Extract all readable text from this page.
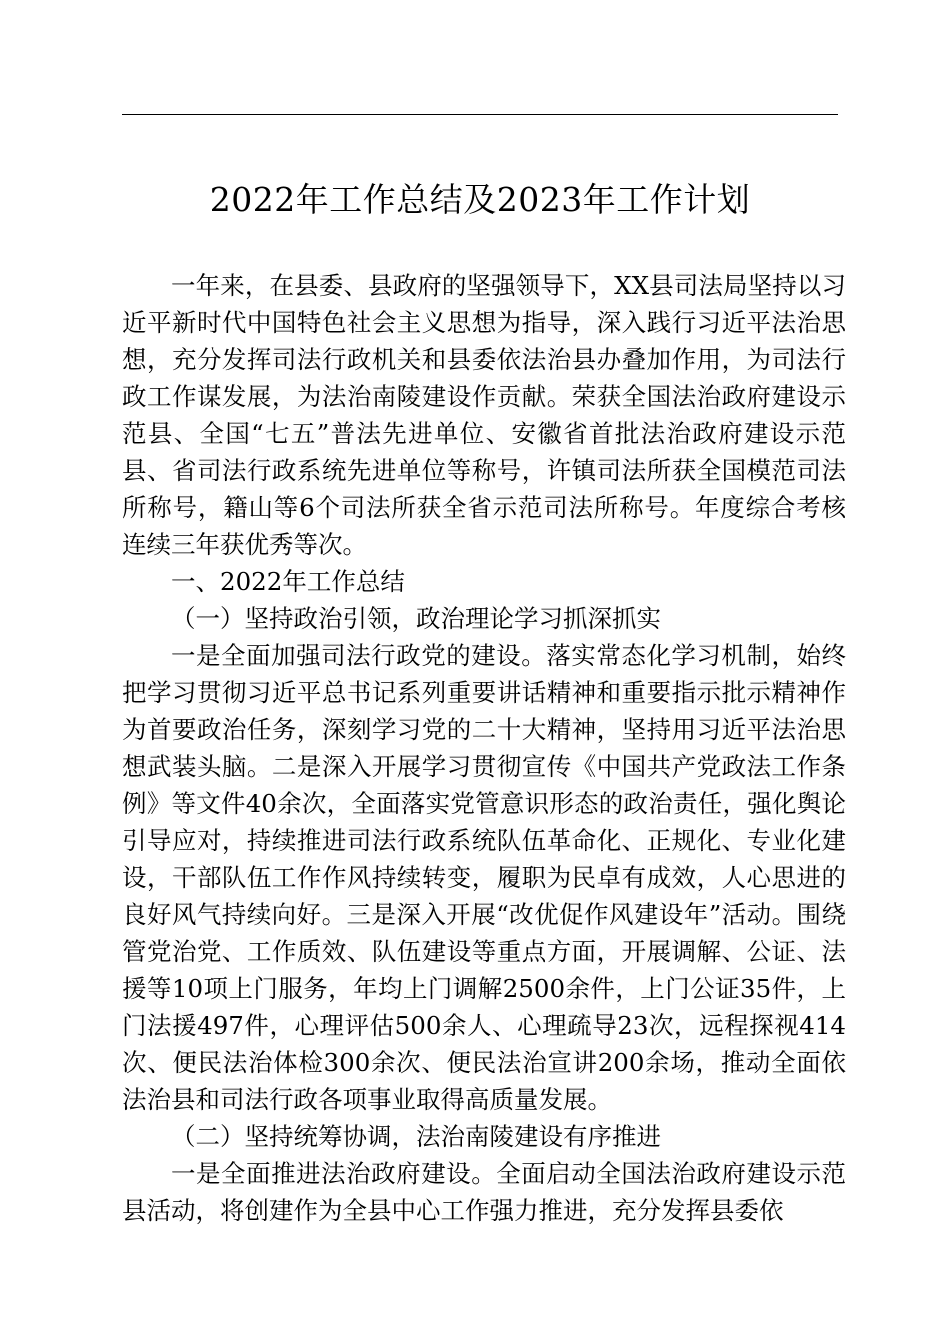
2022年工作总结及2023年工作计划

一年来，在县委、县政府的坚强领导下，XX县司法局坚持以习近平新时代中国特色社会主义思想为指导，深入践行习近平法治思想，充分发挥司法行政机关和县委依法治县办叠加作用，为司法行政工作谋发展，为法治南陵建设作贡献。荣获全国法治政府建设示范县、全国“七五”普法先进单位、安徽省首批法治政府建设示范县、省司法行政系统先进单位等称号，许镇司法所获全国模范司法所称号，籍山等6个司法所获全省示范司法所称号。年度综合考核连续三年获优秀等次。

一、2022年工作总结

（一）坚持政治引领，政治理论学习抓深抓实

一是全面加强司法行政党的建设。落实常态化学习机制，始终把学习贯彻习近平总书记系列重要讲话精神和重要指示批示精神作为首要政治任务，深刻学习党的二十大精神，坚持用习近平法治思想武装头脑。二是深入开展学习贯彻宣传《中国共产党政法工作条例》等文件40余次，全面落实党管意识形态的政治责任，强化舆论引导应对，持续推进司法行政系统队伍革命化、正规化、专业化建设，干部队伍工作作风持续转变，履职为民卓有成效，人心思进的良好风气持续向好。三是深入开展“改优促作风建设年”活动。围绕管党治党、工作质效、队伍建设等重点方面，开展调解、公证、法援等10项上门服务，年均上门调解2500余件，上门公证35件，上门法援497件，心理评估500余人、心理疏导23次，远程探视414次、便民法治体检300余次、便民法治宣讲200余场，推动全面依法治县和司法行政各项事业取得高质量发展。

（二）坚持统筹协调，法治南陵建设有序推进

一是全面推进法治政府建设。全面启动全国法治政府建设示范县活动，将创建作为全县中心工作强力推进，充分发挥县委依
